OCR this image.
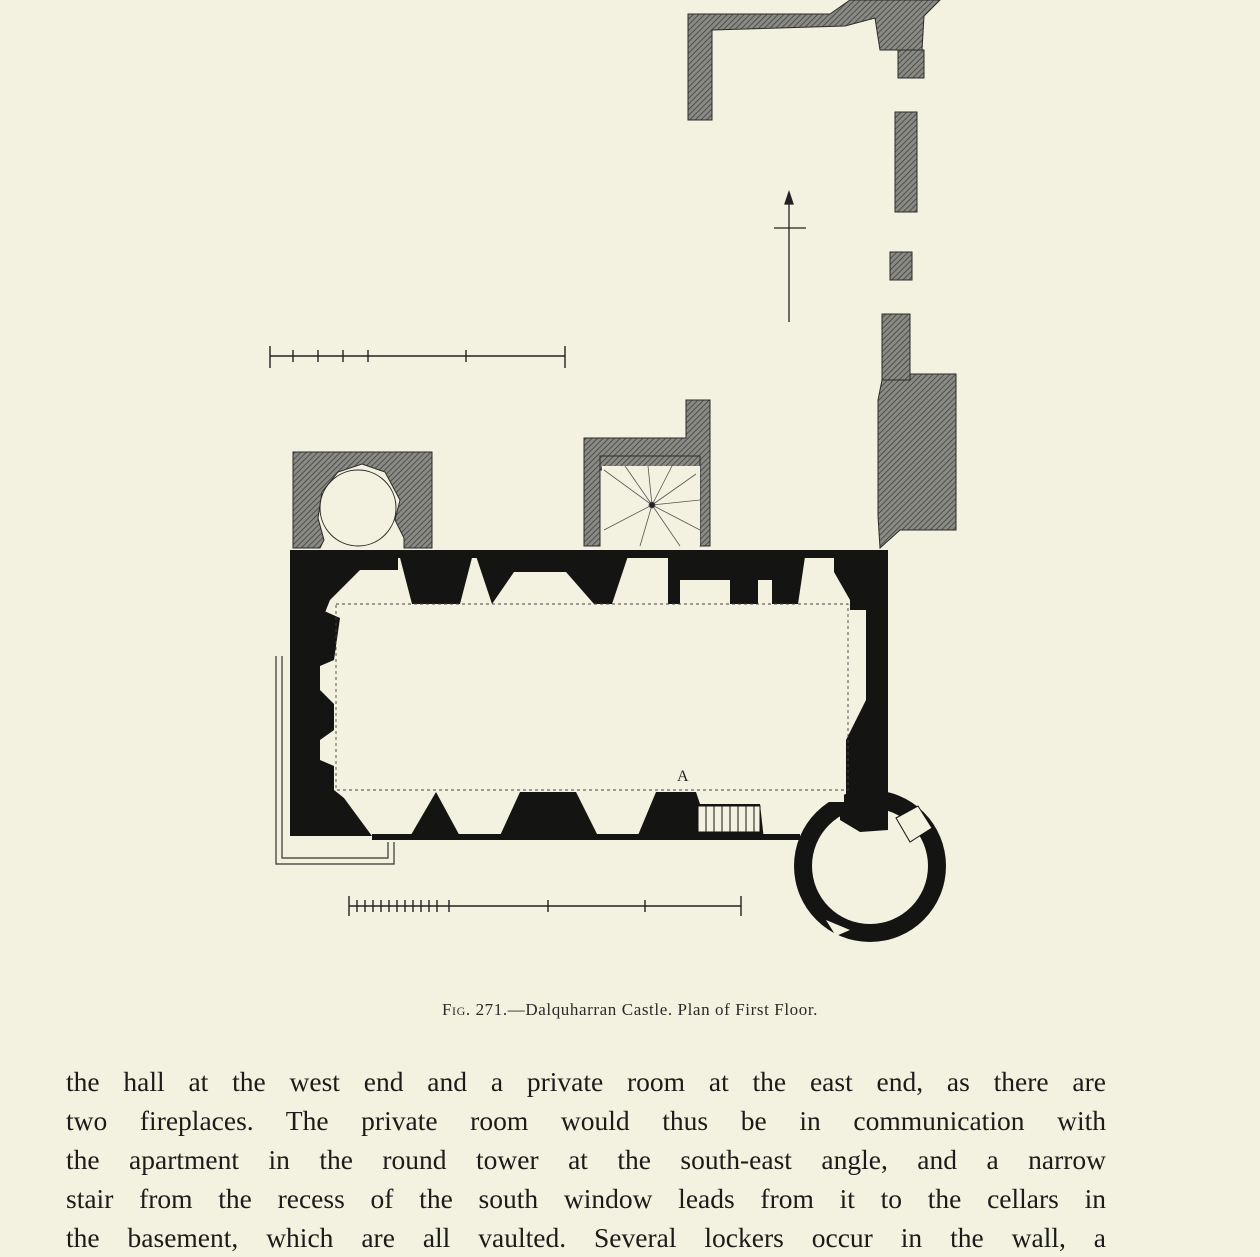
A
Fig. 271.—Dalquharran Castle. Plan of First Floor.
the hall at the west end and a private room at the east end, as there are
two fireplaces. The private room would thus be in communication with
the apartment in the round tower at the south-east angle, and a narrow
stair from the recess of the south window leads from it to the cellars in
the basement, which are all vaulted. Several lockers occur in the wall, a
